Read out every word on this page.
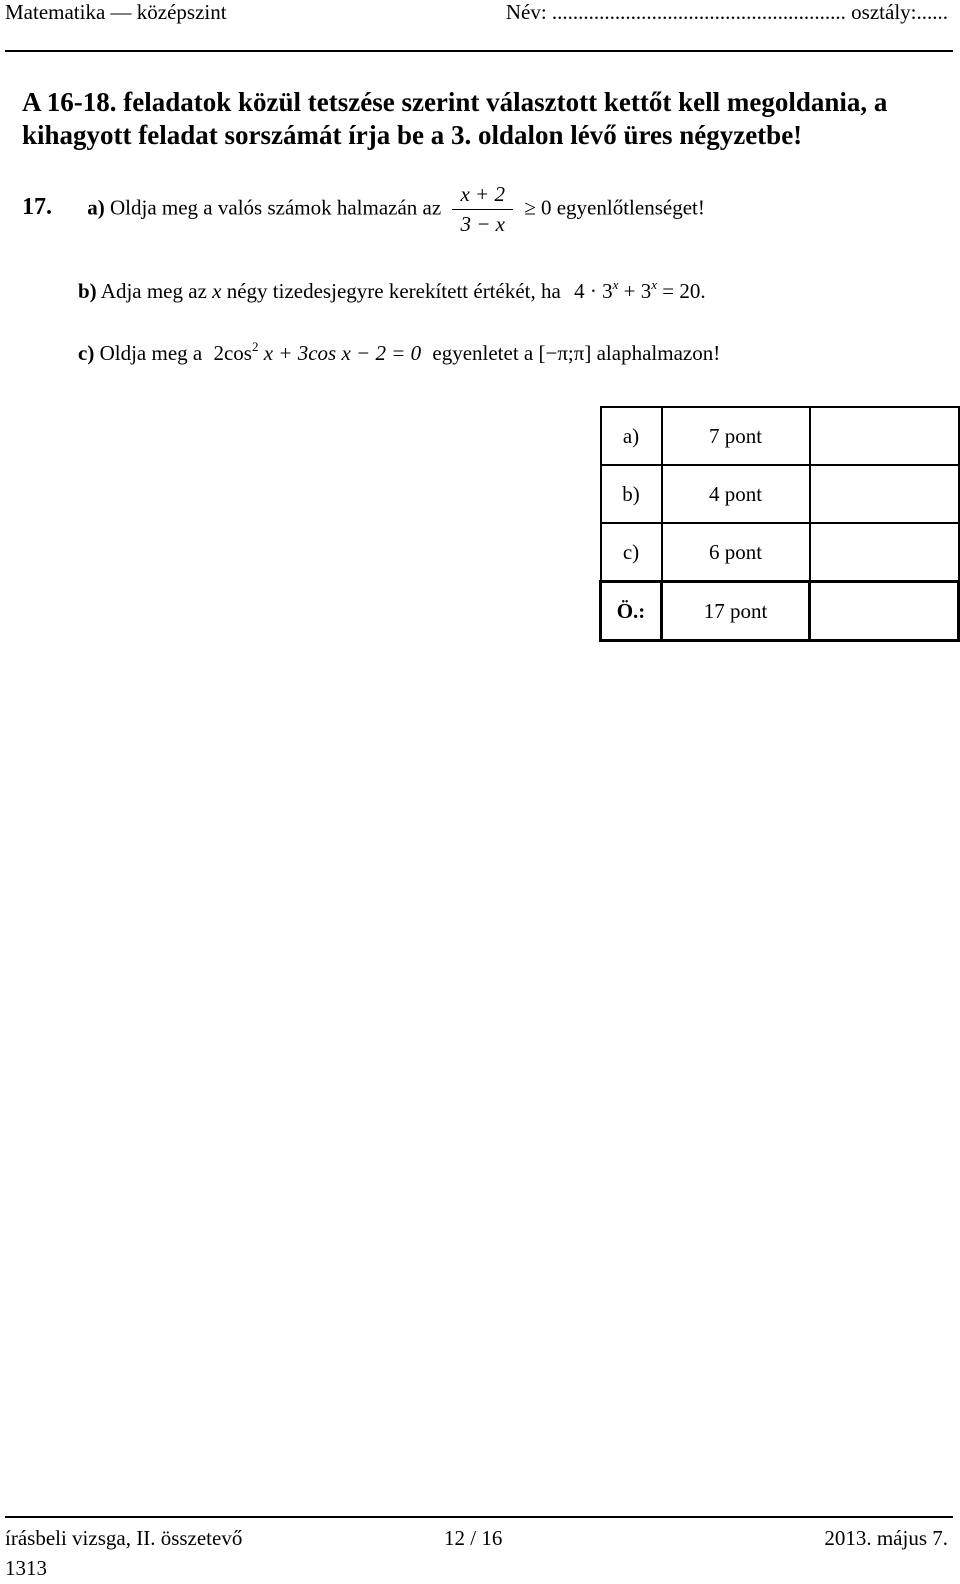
Matematika — középszint	Név: ........................................................ osztály:......
A 16-18. feladatok közül tetszése szerint választott kettőt kell megoldania, a kihagyott feladat sorszámát írja be a 3. oldalon lévő üres négyzetbe!
17. a) Oldja meg a valós számok halmazán az $\frac{x + 2}{3 - x} \ge 0$ egyenlőtlenséget!
b) Adja meg az x négy tizedesjegyre kerekített értékét, ha $4 \cdot 3^x + 3^x = 20$.
c) Oldja meg a $2\cos^2$ x + 3cos x − 2 = 0 egyenletet a [−π;π] alaphalmazon!
a)	7 pont	
b)	4 pont	
c)	6 pont	
Ö.:	17 pont	
írásbeli vizsga, II. összetevő
1313
12 / 16	2013. május 7.
